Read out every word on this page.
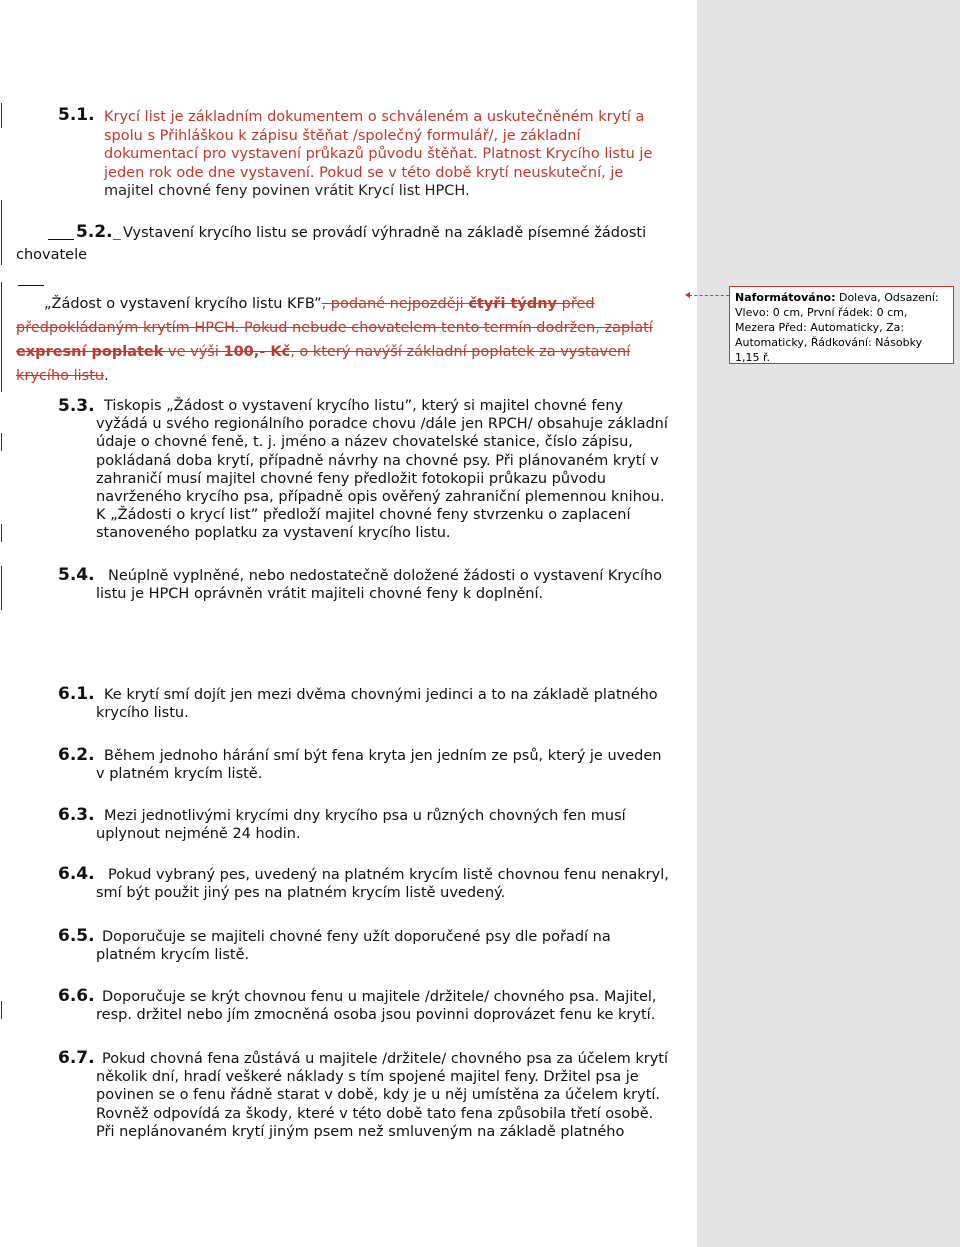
5.1. Krycí list je základním dokumentem o schváleném a uskutečněném krytí a
spolu s Přihláškou k zápisu štěňat /společný formulář/, je základní
dokumentací pro vystavení průkazů původu štěňat. Platnost Krycího listu je
jeden rok ode dne vystavení. Pokud se v této době krytí neuskuteční, je
majitel chovné feny povinen vrátit Krycí list HPCH.

5.2. Vystavení krycího listu se provádí výhradně na základě písemné žádosti

chovatele

„Žádost o vystavení krycího listu KFB”, podané nejpozději čtyři týdny před
předpokládaným krytím HPCH. Pokud nebude chovatelem tento termín dodržen, zaplatí
expresní poplatek ve výši 100,- Kč, o který navýší základní poplatek za vystavení
krycího listu.

Naformátováno: Doleva, Odsazení: Vlevo: 0 cm, První řádek: 0 cm, Mezera Před: Automaticky, Za: Automaticky, Řádkování: Násobky 1,15 ř.
5.3. Tiskopis „Žádost o vystavení krycího listu”, který si majitel chovné feny
vyžádá u svého regionálního poradce chovu /dále jen RPCH/ obsahuje základní
údaje o chovné feně, t. j. jméno a název chovatelské stanice, číslo zápisu,
pokládaná doba krytí, případně návrhy na chovné psy. Při plánovaném krytí v
zahraničí musí majitel chovné feny předložit fotokopii průkazu původu
navrženého krycího psa, případně opis ověřený zahraniční plemennou knihou.
K „Žádosti o krycí list” předloží majitel chovné feny stvrzenku o zaplacení
stanoveného poplatku za vystavení krycího listu.

5.4. Neúplně vyplněné, nebo nedostatečně doložené žádosti o vystavení Krycího
listu je HPCH oprávněn vrátit majiteli chovné feny k doplnění.

6.1. Ke krytí smí dojít jen mezi dvěma chovnými jedinci a to na základě platného
krycího listu.

6.2. Během jednoho hárání smí být fena kryta jen jedním ze psů, který je uveden
v platném krycím listě.

6.3. Mezi jednotlivými krycími dny krycího psa u různých chovných fen musí
uplynout nejméně 24 hodin.

6.4. Pokud vybraný pes, uvedený na platném krycím listě chovnou fenu nenakryl,
smí být použit jiný pes na platném krycím listě uvedený.

6.5. Doporučuje se majiteli chovné feny užít doporučené psy dle pořadí na
platném krycím listě.

6.6. Doporučuje se krýt chovnou fenu u majitele /držitele/ chovného psa. Majitel,
resp. držitel nebo jím zmocněná osoba jsou povinni doprovázet fenu ke krytí.

6.7. Pokud chovná fena zůstává u majitele /držitele/ chovného psa za účelem krytí
několik dní, hradí veškeré náklady s tím spojené majitel feny. Držitel psa je
povinen se o fenu řádně starat v době, kdy je u něj umístěna za účelem krytí.
Rovněž odpovídá za škody, které v této době tato fena způsobila třetí osobě.
Při neplánovaném krytí jiným psem než smluveným na základě platného
